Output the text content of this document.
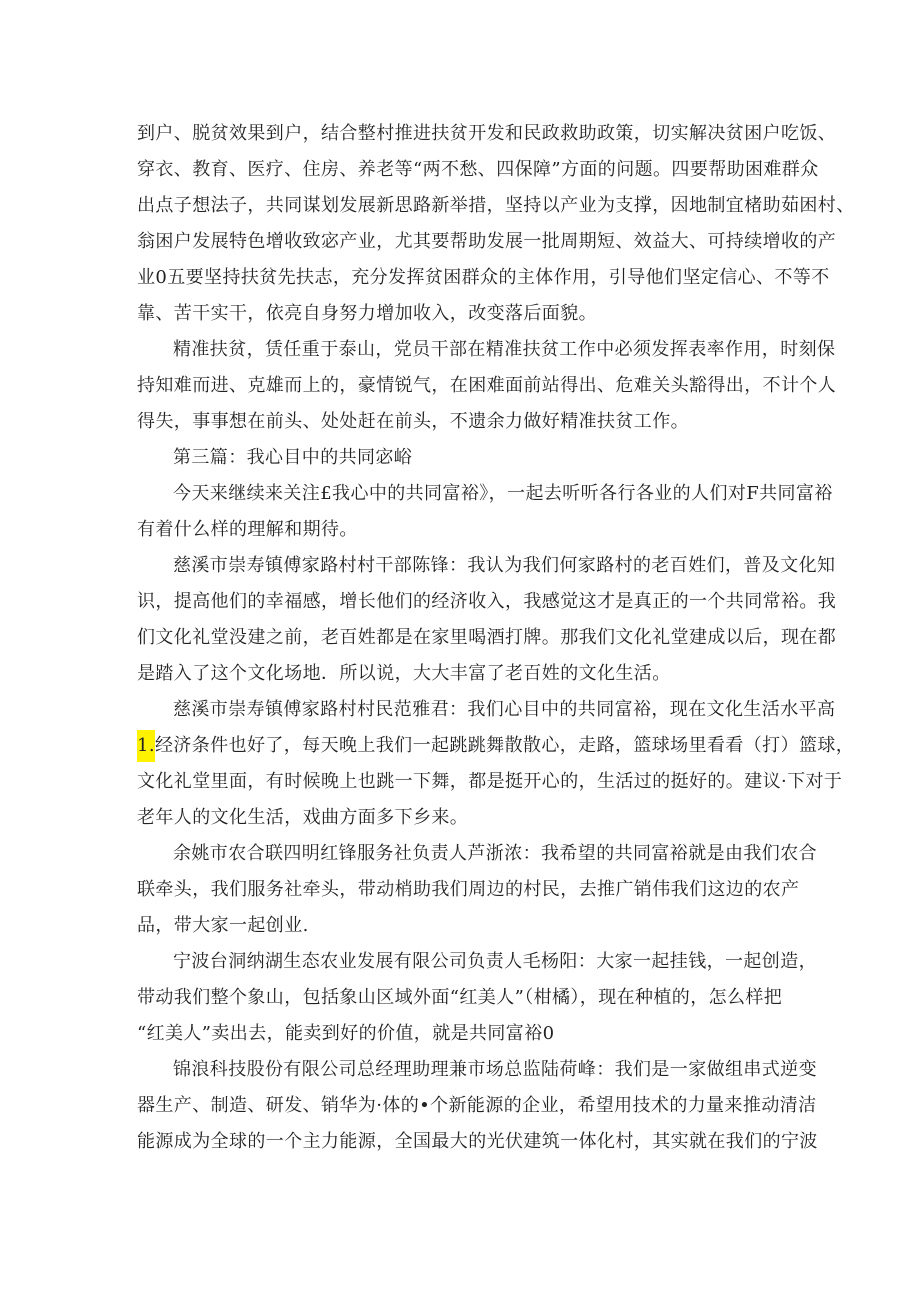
到户、脱贫效果到户，结合整村推进扶贫开发和民政救助政策，切实解决贫困户吃饭、
穿衣、教育、医疗、住房、养老等“两不愁、四保障”方面的问题。四要帮助困难群众
出点子想法子，共同谋划发展新思路新举措，坚持以产业为支撑，因地制宜楮助茹困村、
翁困户发展特色增收致宓产业，尤其要帮助发展一批周期短、效益大、可持续增收的产
业0五要坚持扶贫先扶志，充分发挥贫困群众的主体作用，引导他们坚定信心、不等不
靠、苦干实干，依亮自身努力增加收入，改变落后面貌。
精准扶贫，赁任重于泰山，党员干部在精准扶贫工作中必须发挥表率作用，时刻保
持知难而进、克雄而上的，豪情锐气，在困难面前站得出、危难关头豁得出，不计个人
得失，事事想在前头、处处赶在前头，不遗余力做好精准扶贫工作。
第三篇：我心目中的共同宓峪
今天来继续来关注£我心中的共同富裕》，一起去听听各行各业的人们对F共同富裕
有着什么样的理解和期待。
慈溪市崇寿镇傅家路村村干部陈锋：我认为我们何家路村的老百姓们，普及文化知
识，提高他们的幸福感，增长他们的经济收入，我感觉这才是真正的一个共同常裕。我
们文化礼堂没建之前，老百姓都是在家里喝酒打牌。那我们文化礼堂建成以后，现在都
是踏入了这个文化场地．所以说，大大丰富了老百姓的文化生活。
慈溪市崇寿镇傅家路村村民范雅君：我们心目中的共同富裕，现在文化生活水平高
1.经济条件也好了，每天晚上我们一起跳跳舞散散心，走路，篮球场里看看（打）篮球，
文化礼堂里面，有时候晚上也跳一下舞，都是挺开心的，生活过的挺好的。建议·下对于
老年人的文化生活，戏曲方面多下乡来。
余姚市农合联四明红锋服务社负责人芦浙浓：我希望的共同富裕就是由我们农合
联牵头，我们服务社牵头，带动梢助我们周边的村民，去推广销伟我们这边的农产
品，带大家一起创业.
宁波台洞纳湖生态农业发展有限公司负责人毛杨阳：大家一起挂钱，一起创造，
带动我们整个象山，包括象山区域外面“红美人”（柑橘），现在种植的，怎么样把
“红美人”卖出去，能卖到好的价值，就是共同富裕0
锦浪科技股份有限公司总经理助理兼市场总监陆荷峰：我们是一家做组串式逆变
器生产、制造、研发、销华为·体的•个新能源的企业，希望用技术的力量来推动清洁
能源成为全球的一个主力能源，全国最大的光伏建筑一体化村，其实就在我们的宁波
